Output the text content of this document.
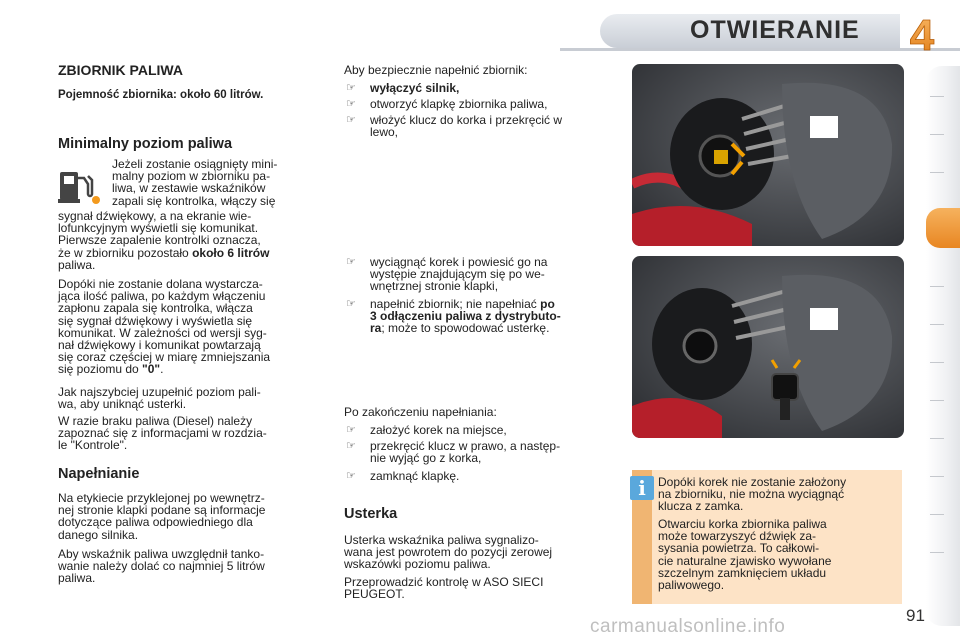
OTWIERANIE 4
ZBIORNIK PALIWA
Pojemność zbiornika: około 60 litrów.
Minimalny poziom paliwa
Jeżeli zostanie osiągnięty mini-
malny poziom w zbiorniku pa-
liwa, w zestawie wskaźników
zapali się kontrolka, włączy się
sygnał dźwiękowy, a na ekranie wie-
lofunkcyjnym wyświetli się komunikat.
Pierwsze zapalenie kontrolki oznacza,
że w zbiorniku pozostało około 6 litrów
paliwa.
Dopóki nie zostanie dolana wystarcza-
jąca ilość paliwa, po każdym włączeniu
zapłonu zapala się kontrolka, włącza
się sygnał dźwiękowy i wyświetla się
komunikat. W zależności od wersji syg-
nał dźwiękowy i komunikat powtarzają
się coraz częściej w miarę zmniejszania
się poziomu do "0".
Jak najszybciej uzupełnić poziom pali-
wa, aby uniknąć usterki.
W razie braku paliwa (Diesel) należy
zapoznać się z informacjami w rozdzia-
le "Kontrole".
Napełnianie
Na etykiecie przyklejonej po wewnętrz-
nej stronie klapki podane są informacje
dotyczące paliwa odpowiedniego dla
danego silnika.
Aby wskaźnik paliwa uwzględnił tanko-
wanie należy dolać co najmniej 5 litrów
paliwa.
Aby bezpiecznie napełnić zbiornik:
☞ wyłączyć silnik,
☞ otworzyć klapkę zbiornika paliwa,
☞ włożyć klucz do korka i przekręcić w
lewo,
☞ wyciągnąć korek i powiesić go na
występie znajdującym się po we-
wnętrznej stronie klapki,
☞ napełnić zbiornik; nie napełniać po
3 odłączeniu paliwa z dystrybuto-
ra; może to spowodować usterkę.
Po zakończeniu napełniania:
☞ założyć korek na miejsce,
☞ przekręcić klucz w prawo, a następ-
nie wyjąć go z korka,
☞ zamknąć klapkę.
Usterka
Usterka wskaźnika paliwa sygnalizo-
wana jest powrotem do pozycji zerowej
wskazówki poziomu paliwa.
Przeprowadzić kontrolę w ASO SIECI
PEUGEOT.
i	Dopóki korek nie zostanie założony
na zbiorniku, nie można wyciągnąć
klucza z zamka.
Otwarciu korka zbiornika paliwa
może towarzyszyć dźwięk za-
sysania powietrza. To całkowi-
cie naturalne zjawisko wywołane
szczelnym zamknięciem układu
paliwowego.
91
carmanualsonline.info
